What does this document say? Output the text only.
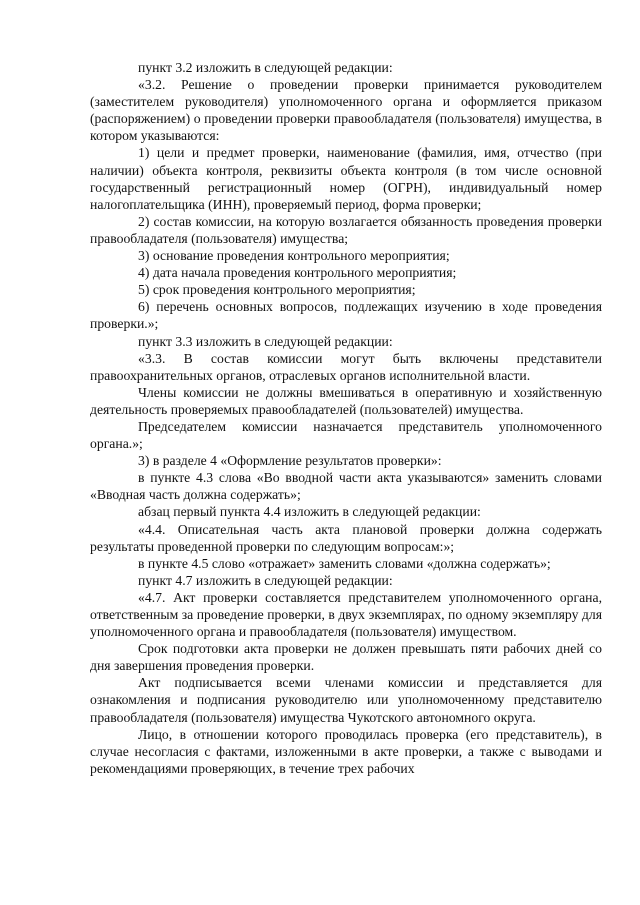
пункт 3.2 изложить в следующей редакции:

«3.2. Решение о проведении проверки принимается руководителем (заместителем руководителя) уполномоченного органа и оформляется приказом (распоряжением) о проведении проверки правообладателя (пользователя) имущества, в котором указываются:

1) цели и предмет проверки, наименование (фамилия, имя, отчество (при наличии) объекта контроля, реквизиты объекта контроля (в том числе основной государственный регистрационный номер (ОГРН), индивидуальный номер налогоплательщика (ИНН), проверяемый период, форма проверки;

2) состав комиссии, на которую возлагается обязанность проведения проверки правообладателя (пользователя) имущества;

3) основание проведения контрольного мероприятия;

4) дата начала проведения контрольного мероприятия;

5) срок проведения контрольного мероприятия;

6) перечень основных вопросов, подлежащих изучению в ходе проведения проверки.»;

пункт 3.3 изложить в следующей редакции:

«3.3. В состав комиссии могут быть включены представители правоохранительных органов, отраслевых органов исполнительной власти.

Члены комиссии не должны вмешиваться в оперативную и хозяйственную деятельность проверяемых правообладателей (пользователей) имущества.

Председателем комиссии назначается представитель уполномоченного органа.»;

3) в разделе 4 «Оформление результатов проверки»:

в пункте 4.3 слова «Во вводной части акта указываются» заменить словами «Вводная часть должна содержать»;

абзац первый пункта 4.4 изложить в следующей редакции:

«4.4. Описательная часть акта плановой проверки должна содержать результаты проведенной проверки по следующим вопросам:»;

в пункте 4.5 слово «отражает» заменить словами «должна содержать»;

пункт 4.7 изложить в следующей редакции:

«4.7. Акт проверки составляется представителем уполномоченного органа, ответственным за проведение проверки, в двух экземплярах, по одному экземпляру для уполномоченного органа и правообладателя (пользователя) имуществом.

Срок подготовки акта проверки не должен превышать пяти рабочих дней со дня завершения проведения проверки.

Акт подписывается всеми членами комиссии и представляется для ознакомления и подписания руководителю или уполномоченному представителю правообладателя (пользователя) имущества Чукотского автономного округа.

Лицо, в отношении которого проводилась проверка (его представитель), в случае несогласия с фактами, изложенными в акте проверки, а также с выводами и рекомендациями проверяющих, в течение трех рабочих
